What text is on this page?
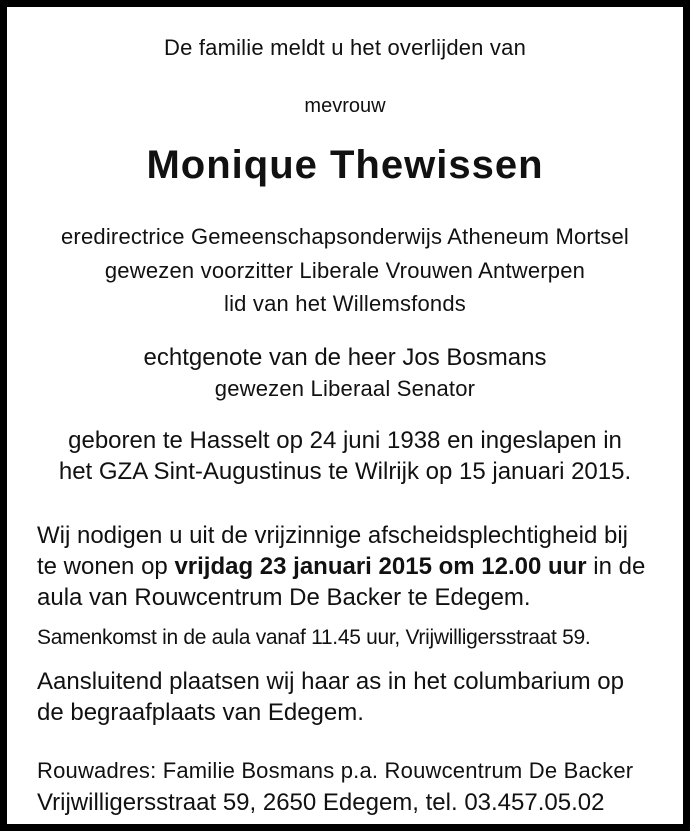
De familie meldt u het overlijden van
mevrouw
Monique Thewissen
eredirectrice Gemeenschapsonderwijs Atheneum Mortsel
gewezen voorzitter Liberale Vrouwen Antwerpen
lid van het Willemsfonds
echtgenote van de heer Jos Bosmans
gewezen Liberaal Senator
geboren te Hasselt op 24 juni 1938 en ingeslapen in
het GZA Sint-Augustinus te Wilrijk op 15 januari 2015.
Wij nodigen u uit de vrijzinnige afscheidsplechtigheid bij
te wonen op vrijdag 23 januari 2015 om 12.00 uur in de
aula van Rouwcentrum De Backer te Edegem.
Samenkomst in de aula vanaf 11.45 uur, Vrijwilligersstraat 59.
Aansluitend plaatsen wij haar as in het columbarium op
de begraafplaats van Edegem.
Rouwadres: Familie Bosmans p.a. Rouwcentrum De Backer
Vrijwilligersstraat 59, 2650 Edegem, tel. 03.457.05.02
